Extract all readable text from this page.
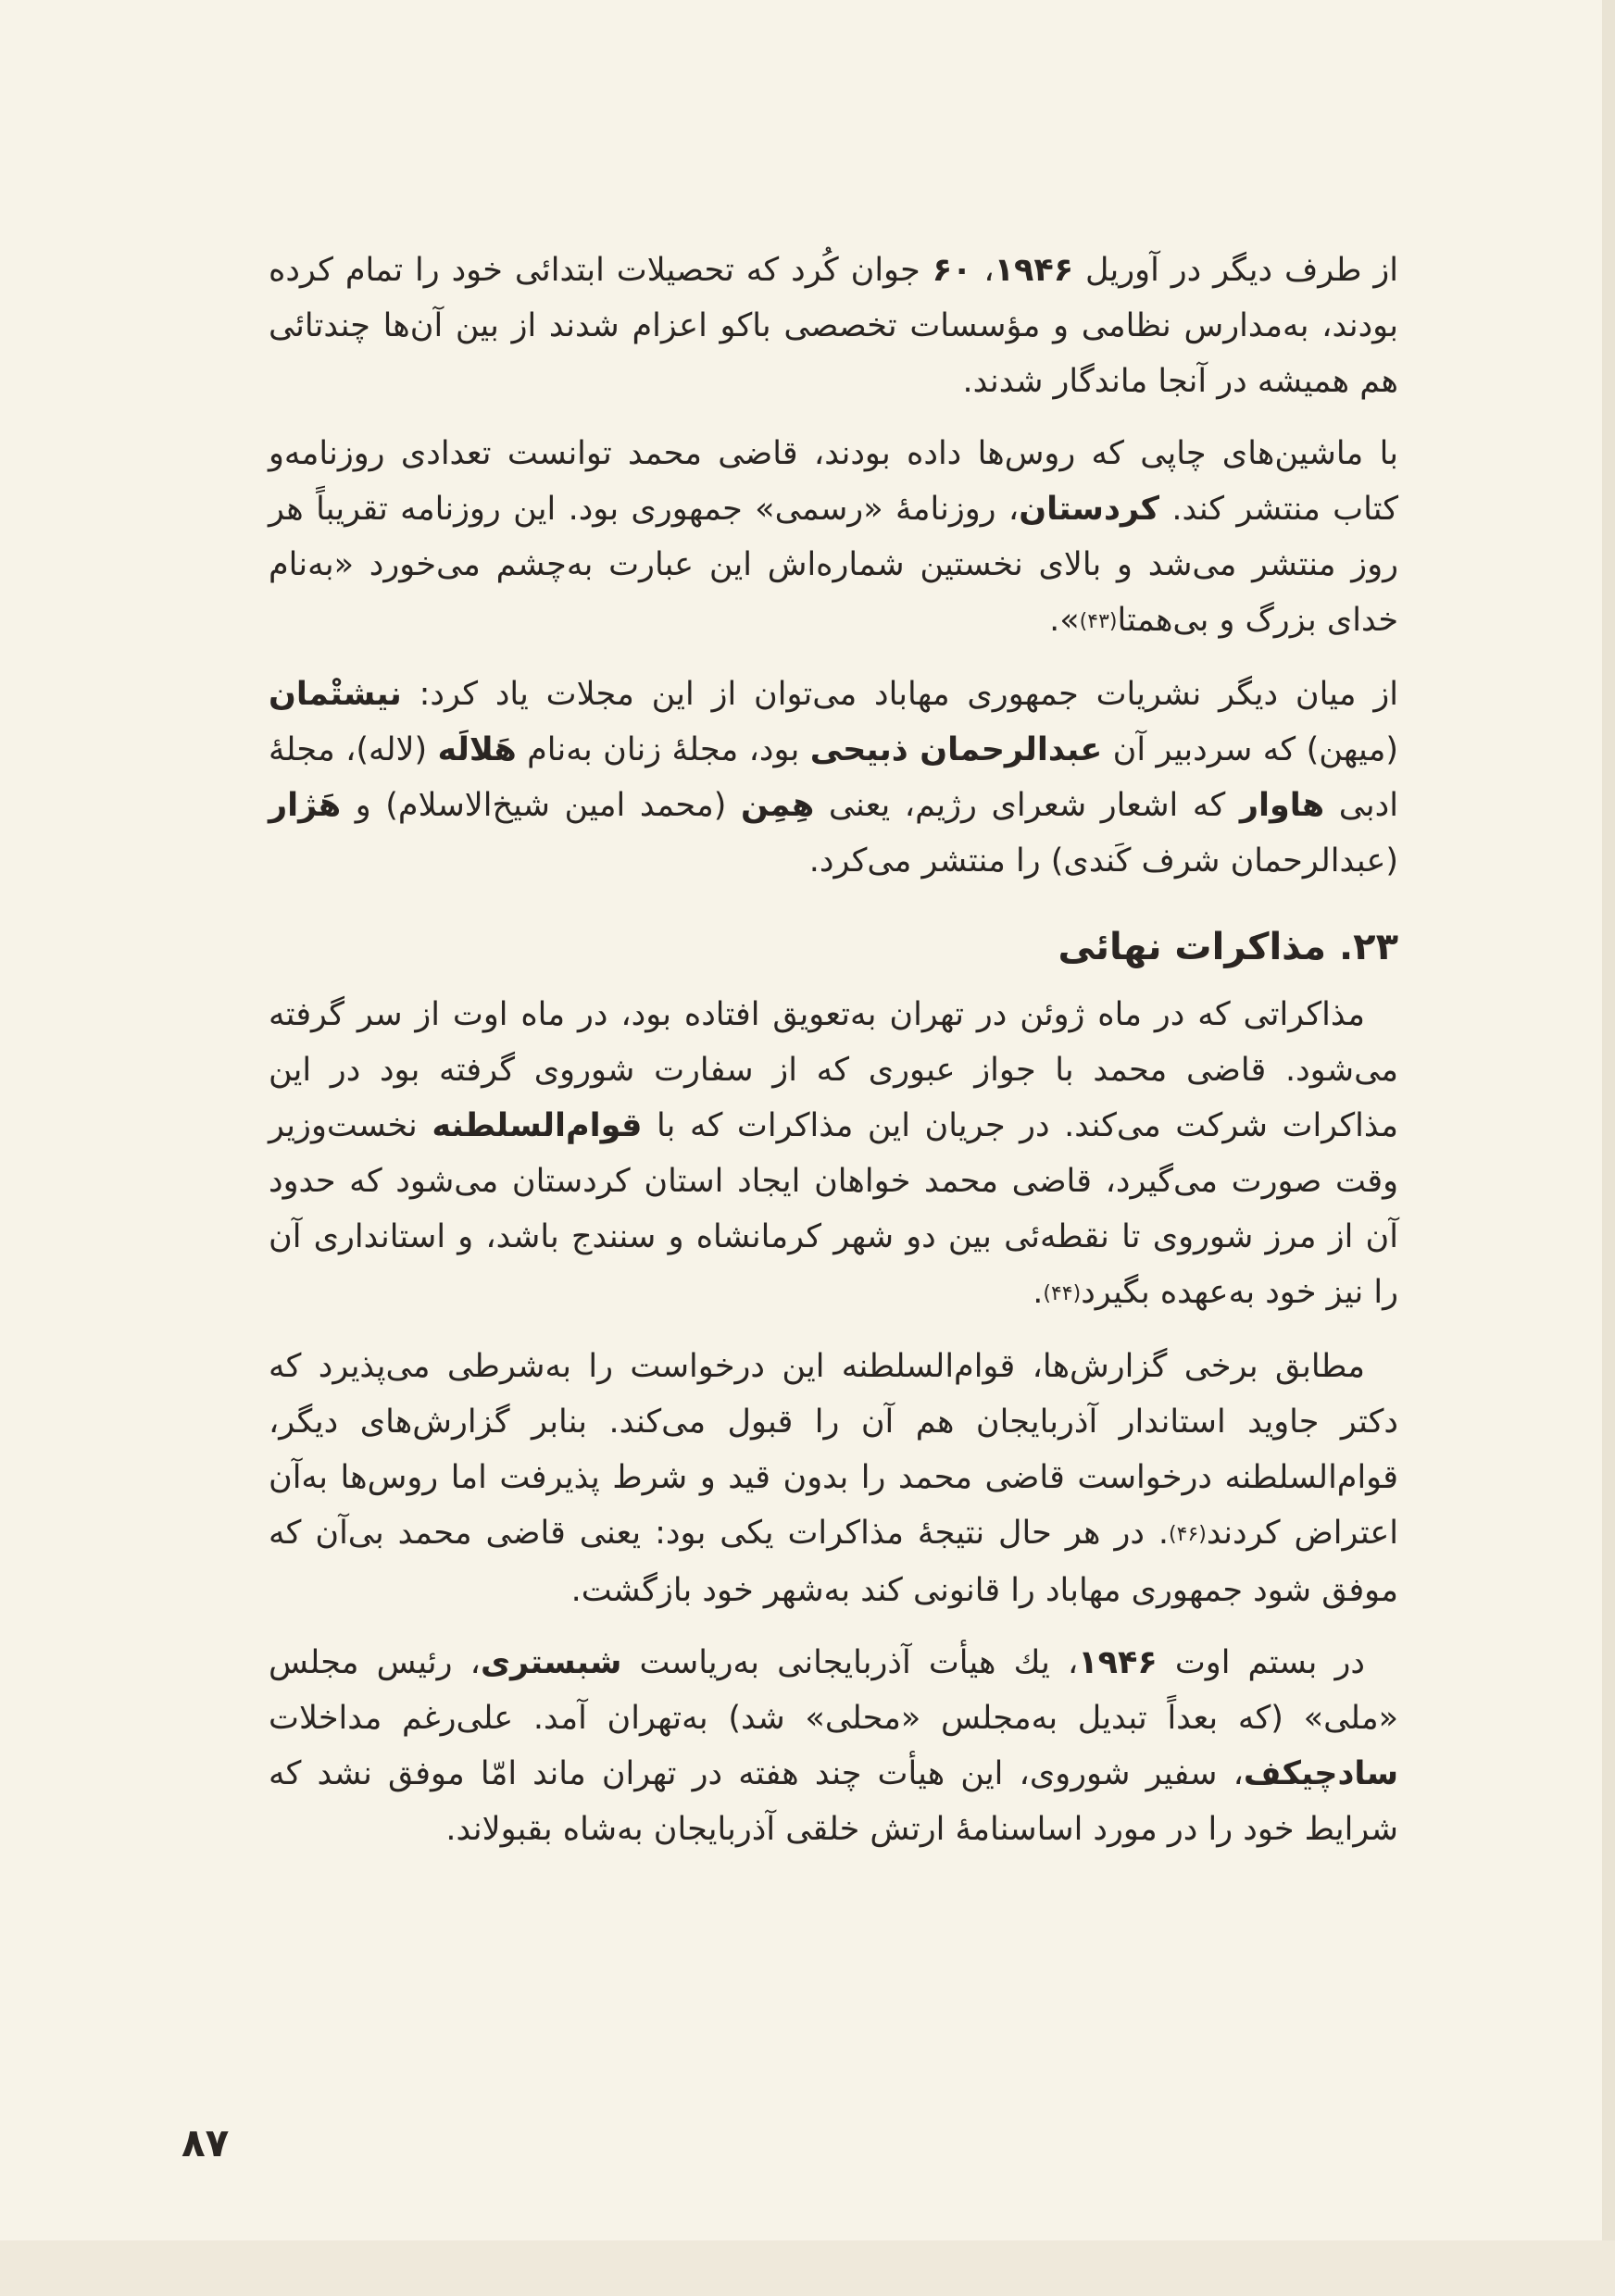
از طرف دیگر در آوریل ۱۹۴۶، ۶۰ جوان کُرد که تحصیلات ابتدائی خود را تمام کرده بودند، به‌مدارس نظامی و مؤسسات تخصصی باکو اعزام شدند از بین آن‌ها چندتائی هم همیشه در آنجا ماندگار شدند.

با ماشین‌های چاپی که روس‌ها داده بودند، قاضی محمد توانست تعدادی روزنامه‌و کتاب منتشر کند. کردستان، روزنامهٔ «رسمی» جمهوری بود. این روزنامه تقریباً هر روز منتشر می‌شد و بالای نخستین شماره‌اش این عبارت به‌چشم می‌خورد «به‌نام خدای بزرگ و بی‌همتا(۴۳)».

از میان دیگر نشریات جمهوری مهاباد می‌توان از این مجلات یاد کرد: نیشتْمان (میهن) که سردبیر آن عبدالرحمان ذبیحی بود، مجلهٔ زنان به‌نام هَلالَه (لاله)، مجلهٔ ادبی هاوار که اشعار شعرای رژیم، یعنی هِمِن (محمد امین شیخ‌الاسلام) و هَژار (عبدالرحمان شرف کَندی) را منتشر می‌کرد.

۲۳. مذاکرات نهائی

مذاکراتی که در ماه ژوئن در تهران به‌تعویق افتاده بود، در ماه اوت از سر گرفته می‌شود. قاضی محمد با جواز عبوری که از سفارت شوروی گرفته بود در این مذاکرات شرکت می‌کند. در جریان این مذاکرات که با قوام‌السلطنه نخست‌وزیر وقت صورت می‌گیرد، قاضی محمد خواهان ایجاد استان کردستان می‌شود که حدود آن از مرز شوروی تا نقطه‌ئی بین دو شهر کرمانشاه و سنندج باشد، و استانداری آن را نیز خود به‌عهده بگیرد(۴۴).

مطابق برخی گزارش‌ها، قوام‌السلطنه این درخواست را به‌شرطی می‌پذیرد که دکتر جاوید استاندار آذربایجان هم آن را قبول می‌کند. بنابر گزارش‌های دیگر، قوام‌السلطنه درخواست قاضی محمد را بدون قید و شرط پذیرفت اما روس‌ها به‌آن اعتراض کردند(۴۶). در هر حال نتیجهٔ مذاکرات یکی بود: یعنی قاضی محمد بی‌آن که موفق شود جمهوری مهاباد را قانونی کند به‌شهر خود بازگشت.

در بستم اوت ۱۹۴۶، یك هیأت آذربایجانی به‌ریاست شبستری، رئیس مجلس «ملی» (که بعداً تبدیل به‌مجلس «محلی» شد) به‌تهران آمد. علی‌رغم مداخلات سادچیکف، سفیر شوروی، این هیأت چند هفته در تهران ماند امّا موفق نشد که شرایط خود را در مورد اساسنامهٔ ارتش خلقی آذربایجان به‌شاه بقبولاند.

۸۷
